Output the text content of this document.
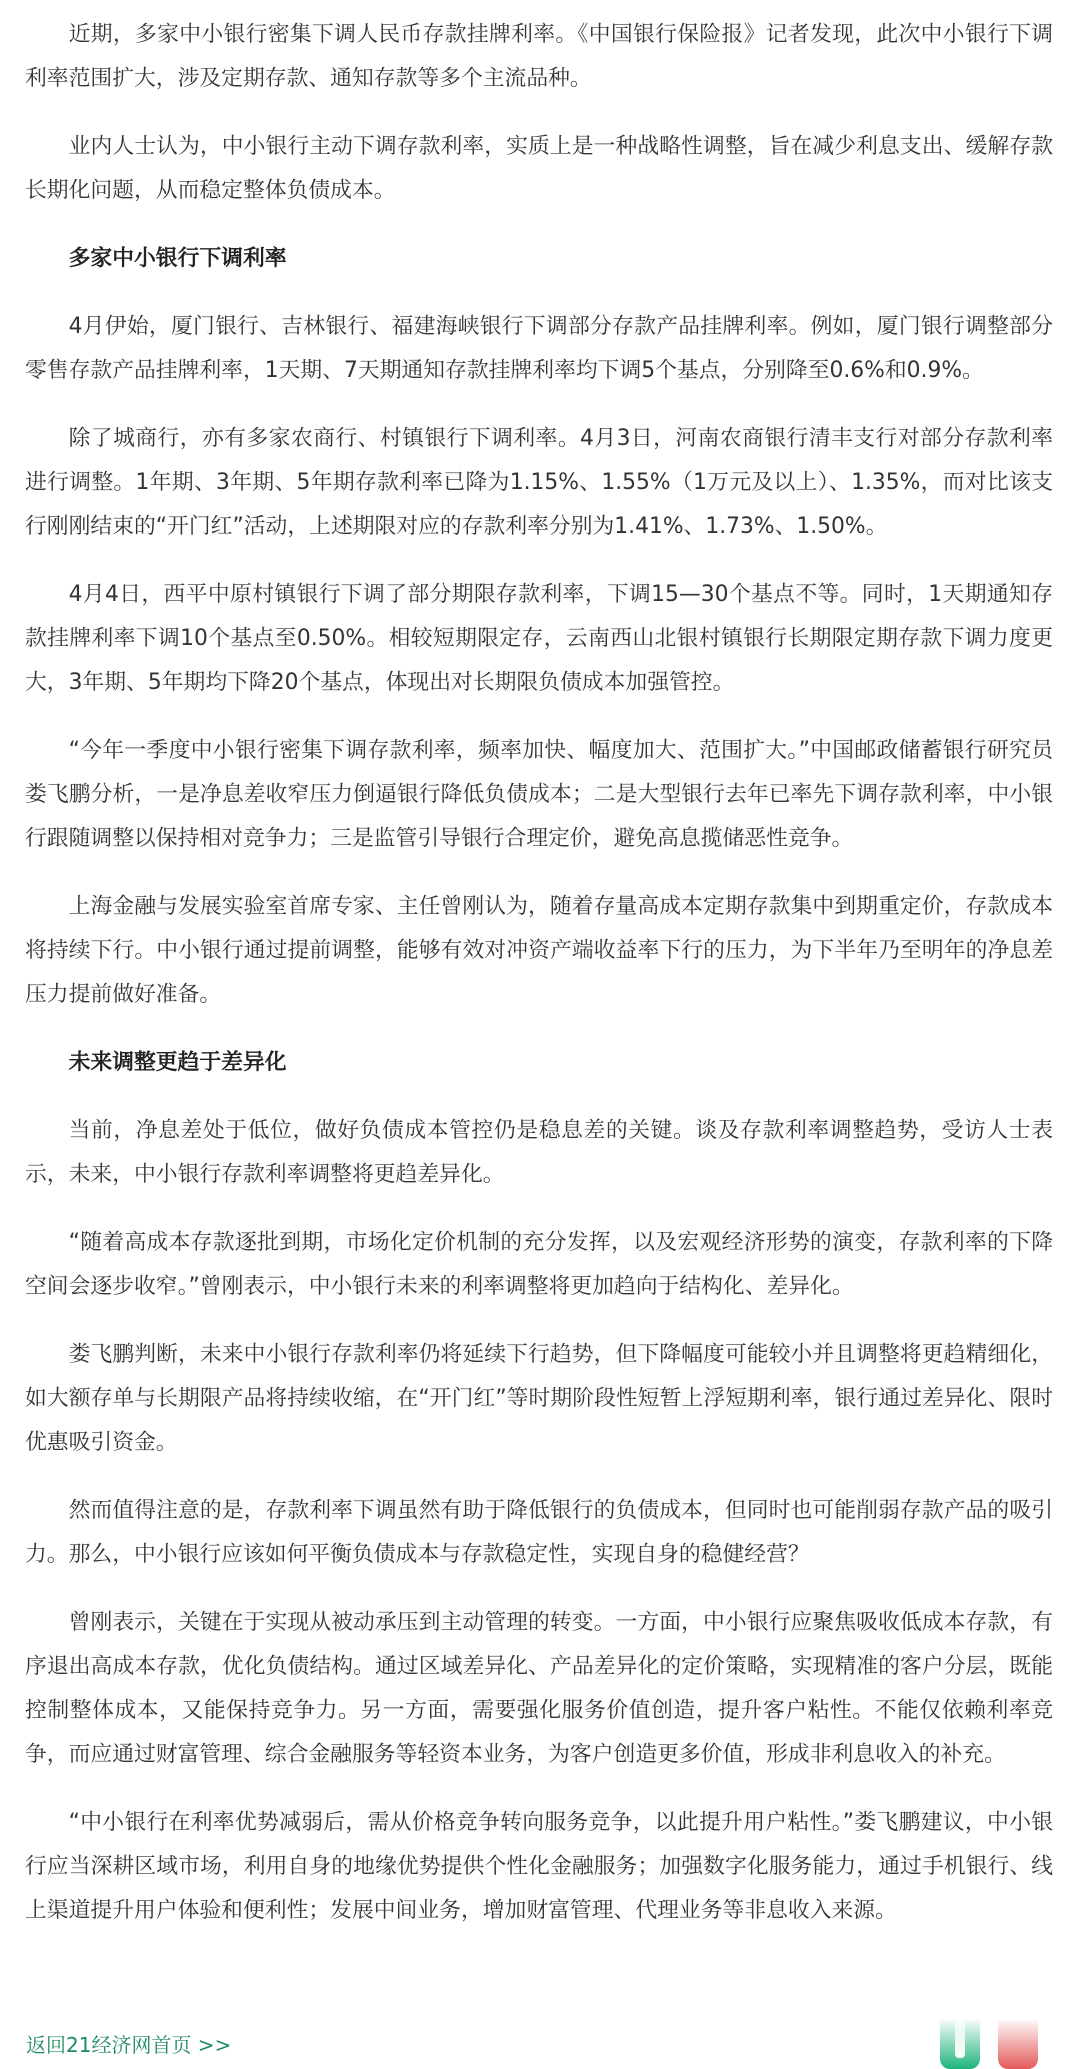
近期，多家中小银行密集下调人民币存款挂牌利率。《中国银行保险报》记者发现，此次中小银行下调利率范围扩大，涉及定期存款、通知存款等多个主流品种。

业内人士认为，中小银行主动下调存款利率，实质上是一种战略性调整，旨在减少利息支出、缓解存款长期化问题，从而稳定整体负债成本。

多家中小银行下调利率

4月伊始，厦门银行、吉林银行、福建海峡银行下调部分存款产品挂牌利率。例如，厦门银行调整部分零售存款产品挂牌利率，1天期、7天期通知存款挂牌利率均下调5个基点，分别降至0.6%和0.9%。

除了城商行，亦有多家农商行、村镇银行下调利率。4月3日，河南农商银行清丰支行对部分存款利率进行调整。1年期、3年期、5年期存款利率已降为1.15%、1.55%（1万元及以上）、1.35%，而对比该支行刚刚结束的“开门红”活动，上述期限对应的存款利率分别为1.41%、1.73%、1.50%。

4月4日，西平中原村镇银行下调了部分期限存款利率，下调15—30个基点不等。同时，1天期通知存款挂牌利率下调10个基点至0.50%。相较短期限定存，云南西山北银村镇银行长期限定期存款下调力度更大，3年期、5年期均下降20个基点，体现出对长期限负债成本加强管控。

“今年一季度中小银行密集下调存款利率，频率加快、幅度加大、范围扩大。”中国邮政储蓄银行研究员娄飞鹏分析，一是净息差收窄压力倒逼银行降低负债成本；二是大型银行去年已率先下调存款利率，中小银行跟随调整以保持相对竞争力；三是监管引导银行合理定价，避免高息揽储恶性竞争。

上海金融与发展实验室首席专家、主任曾刚认为，随着存量高成本定期存款集中到期重定价，存款成本将持续下行。中小银行通过提前调整，能够有效对冲资产端收益率下行的压力，为下半年乃至明年的净息差压力提前做好准备。

未来调整更趋于差异化

当前，净息差处于低位，做好负债成本管控仍是稳息差的关键。谈及存款利率调整趋势，受访人士表示，未来，中小银行存款利率调整将更趋差异化。

“随着高成本存款逐批到期，市场化定价机制的充分发挥，以及宏观经济形势的演变，存款利率的下降空间会逐步收窄。”曾刚表示，中小银行未来的利率调整将更加趋向于结构化、差异化。

娄飞鹏判断，未来中小银行存款利率仍将延续下行趋势，但下降幅度可能较小并且调整将更趋精细化，如大额存单与长期限产品将持续收缩，在“开门红”等时期阶段性短暂上浮短期利率，银行通过差异化、限时优惠吸引资金。

然而值得注意的是，存款利率下调虽然有助于降低银行的负债成本，但同时也可能削弱存款产品的吸引力。那么，中小银行应该如何平衡负债成本与存款稳定性，实现自身的稳健经营？

曾刚表示，关键在于实现从被动承压到主动管理的转变。一方面，中小银行应聚焦吸收低成本存款，有序退出高成本存款，优化负债结构。通过区域差异化、产品差异化的定价策略，实现精准的客户分层，既能控制整体成本，又能保持竞争力。另一方面，需要强化服务价值创造，提升客户粘性。不能仅依赖利率竞争，而应通过财富管理、综合金融服务等轻资本业务，为客户创造更多价值，形成非利息收入的补充。

“中小银行在利率优势减弱后，需从价格竞争转向服务竞争，以此提升用户粘性。”娄飞鹏建议，中小银行应当深耕区域市场，利用自身的地缘优势提供个性化金融服务；加强数字化服务能力，通过手机银行、线上渠道提升用户体验和便利性；发展中间业务，增加财富管理、代理业务等非息收入来源。

返回21经济网首页 >>
